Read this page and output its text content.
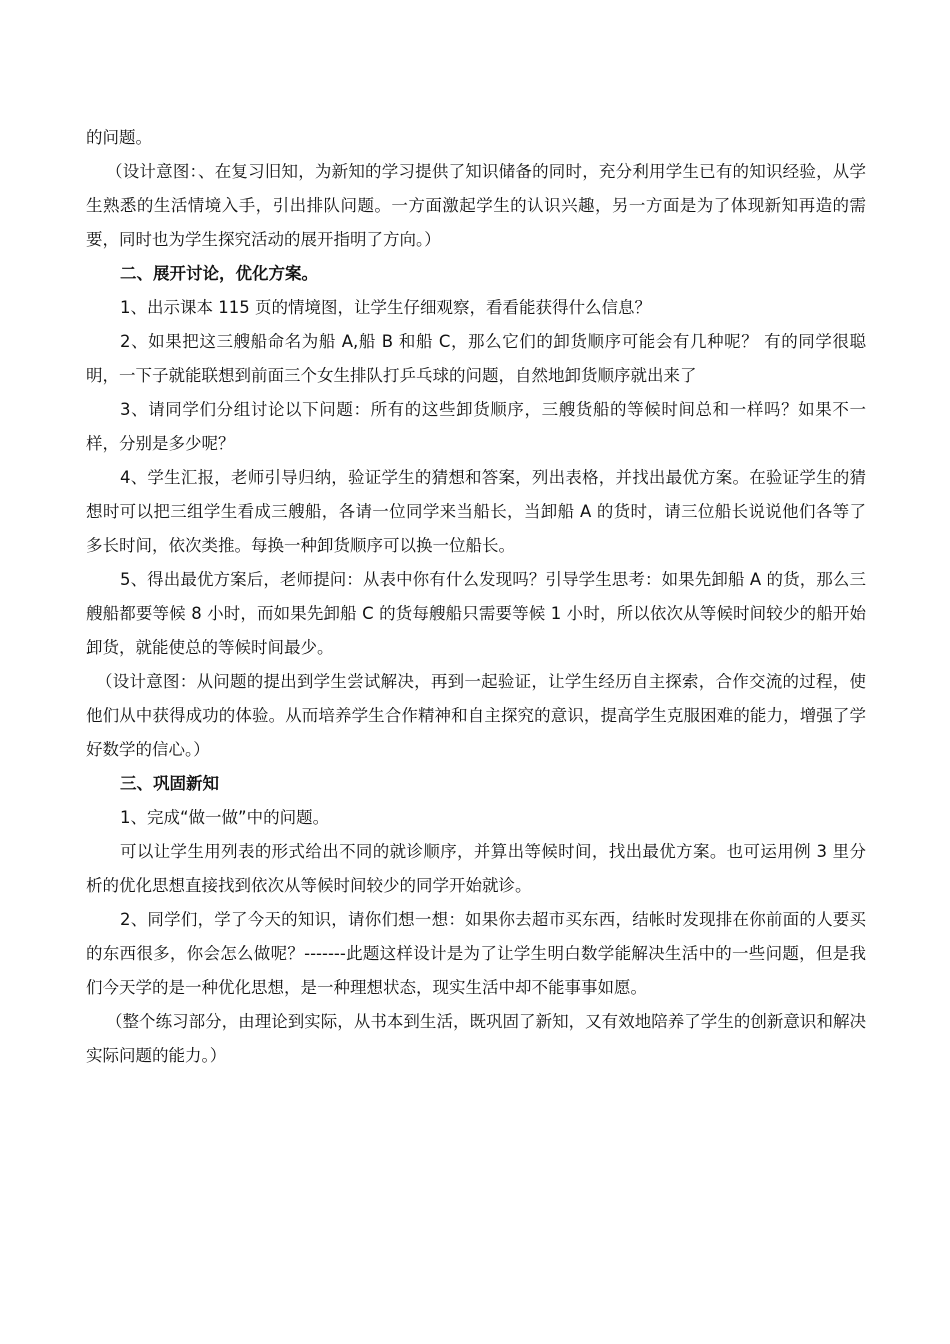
的问题。

（设计意图：、在复习旧知，为新知的学习提供了知识储备的同时，充分利用学生已有的知识经验，从学生熟悉的生活情境入手，引出排队问题。一方面激起学生的认识兴趣，另一方面是为了体现新知再造的需要，同时也为学生探究活动的展开指明了方向。）

二、展开讨论，优化方案。

1、出示课本 115 页的情境图，让学生仔细观察，看看能获得什么信息？

2、如果把这三艘船命名为船 A,船 B 和船 C，那么它们的卸货顺序可能会有几种呢？ 有的同学很聪明，一下子就能联想到前面三个女生排队打乒乓球的问题，自然地卸货顺序就出来了

3、请同学们分组讨论以下问题：所有的这些卸货顺序，三艘货船的等候时间总和一样吗？如果不一样，分别是多少呢？

4、学生汇报，老师引导归纳，验证学生的猜想和答案，列出表格，并找出最优方案。在验证学生的猜想时可以把三组学生看成三艘船，各请一位同学来当船长，当卸船 A 的货时，请三位船长说说他们各等了多长时间，依次类推。每换一种卸货顺序可以换一位船长。

5、得出最优方案后，老师提问：从表中你有什么发现吗？引导学生思考：如果先卸船 A 的货，那么三艘船都要等候 8 小时，而如果先卸船 C 的货每艘船只需要等候 1 小时，所以依次从等候时间较少的船开始卸货，就能使总的等候时间最少。

（设计意图：从问题的提出到学生尝试解决，再到一起验证，让学生经历自主探索，合作交流的过程，使他们从中获得成功的体验。从而培养学生合作精神和自主探究的意识，提高学生克服困难的能力，增强了学好数学的信心。）

三、巩固新知

1、完成“做一做”中的问题。

可以让学生用列表的形式给出不同的就诊顺序，并算出等候时间，找出最优方案。也可运用例 3 里分析的优化思想直接找到依次从等候时间较少的同学开始就诊。

2、同学们，学了今天的知识，请你们想一想：如果你去超市买东西，结帐时发现排在你前面的人要买的东西很多，你会怎么做呢？-------此题这样设计是为了让学生明白数学能解决生活中的一些问题，但是我们今天学的是一种优化思想，是一种理想状态，现实生活中却不能事事如愿。

（整个练习部分，由理论到实际，从书本到生活，既巩固了新知，又有效地陪养了学生的创新意识和解决实际问题的能力。）
